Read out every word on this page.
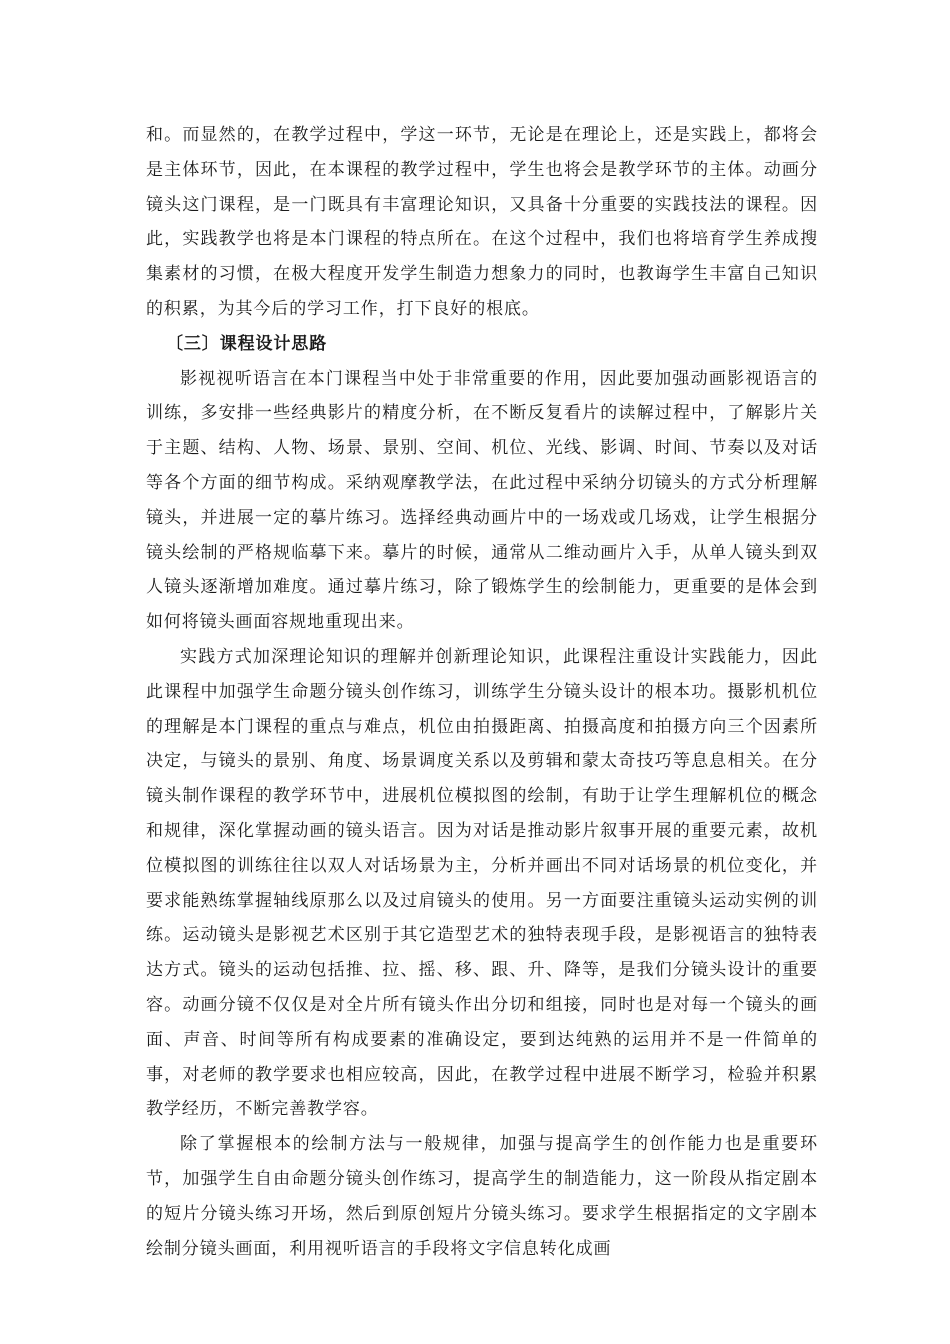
和。而显然的，在教学过程中，学这一环节，无论是在理论上，还是实践上，都将会是主体环节，因此，在本课程的教学过程中，学生也将会是教学环节的主体。动画分镜头这门课程，是一门既具有丰富理论知识，又具备十分重要的实践技法的课程。因此，实践教学也将是本门课程的特点所在。在这个过程中，我们也将培育学生养成搜集素材的习惯，在极大程度开发学生制造力想象力的同时，也教诲学生丰富自己知识的积累，为其今后的学习工作，打下良好的根底。

〔三〕课程设计思路

影视视听语言在本门课程当中处于非常重要的作用，因此要加强动画影视语言的训练，多安排一些经典影片的精度分析，在不断反复看片的读解过程中，了解影片关于主题、结构、人物、场景、景别、空间、机位、光线、影调、时间、节奏以及对话等各个方面的细节构成。采纳观摩教学法，在此过程中采纳分切镜头的方式分析理解镜头，并进展一定的摹片练习。选择经典动画片中的一场戏或几场戏，让学生根据分镜头绘制的严格规临摹下来。摹片的时候，通常从二维动画片入手，从单人镜头到双人镜头逐渐增加难度。通过摹片练习，除了锻炼学生的绘制能力，更重要的是体会到如何将镜头画面容规地重现出来。

实践方式加深理论知识的理解并创新理论知识，此课程注重设计实践能力，因此此课程中加强学生命题分镜头创作练习，训练学生分镜头设计的根本功。摄影机机位的理解是本门课程的重点与难点，机位由拍摄距离、拍摄高度和拍摄方向三个因素所决定，与镜头的景别、角度、场景调度关系以及剪辑和蒙太奇技巧等息息相关。在分镜头制作课程的教学环节中，进展机位模拟图的绘制，有助于让学生理解机位的概念和规律，深化掌握动画的镜头语言。因为对话是推动影片叙事开展的重要元素，故机位模拟图的训练往往以双人对话场景为主，分析并画出不同对话场景的机位变化，并要求能熟练掌握轴线原那么以及过肩镜头的使用。另一方面要注重镜头运动实例的训练。运动镜头是影视艺术区别于其它造型艺术的独特表现手段，是影视语言的独特表达方式。镜头的运动包括推、拉、摇、移、跟、升、降等，是我们分镜头设计的重要容。动画分镜不仅仅是对全片所有镜头作出分切和组接，同时也是对每一个镜头的画面、声音、时间等所有构成要素的准确设定，要到达纯熟的运用并不是一件简单的事，对老师的教学要求也相应较高，因此，在教学过程中进展不断学习，检验并积累教学经历，不断完善教学容。

除了掌握根本的绘制方法与一般规律，加强与提高学生的创作能力也是重要环节，加强学生自由命题分镜头创作练习，提高学生的制造能力，这一阶段从指定剧本的短片分镜头练习开场，然后到原创短片分镜头练习。要求学生根据指定的文字剧本绘制分镜头画面，利用视听语言的手段将文字信息转化成画
